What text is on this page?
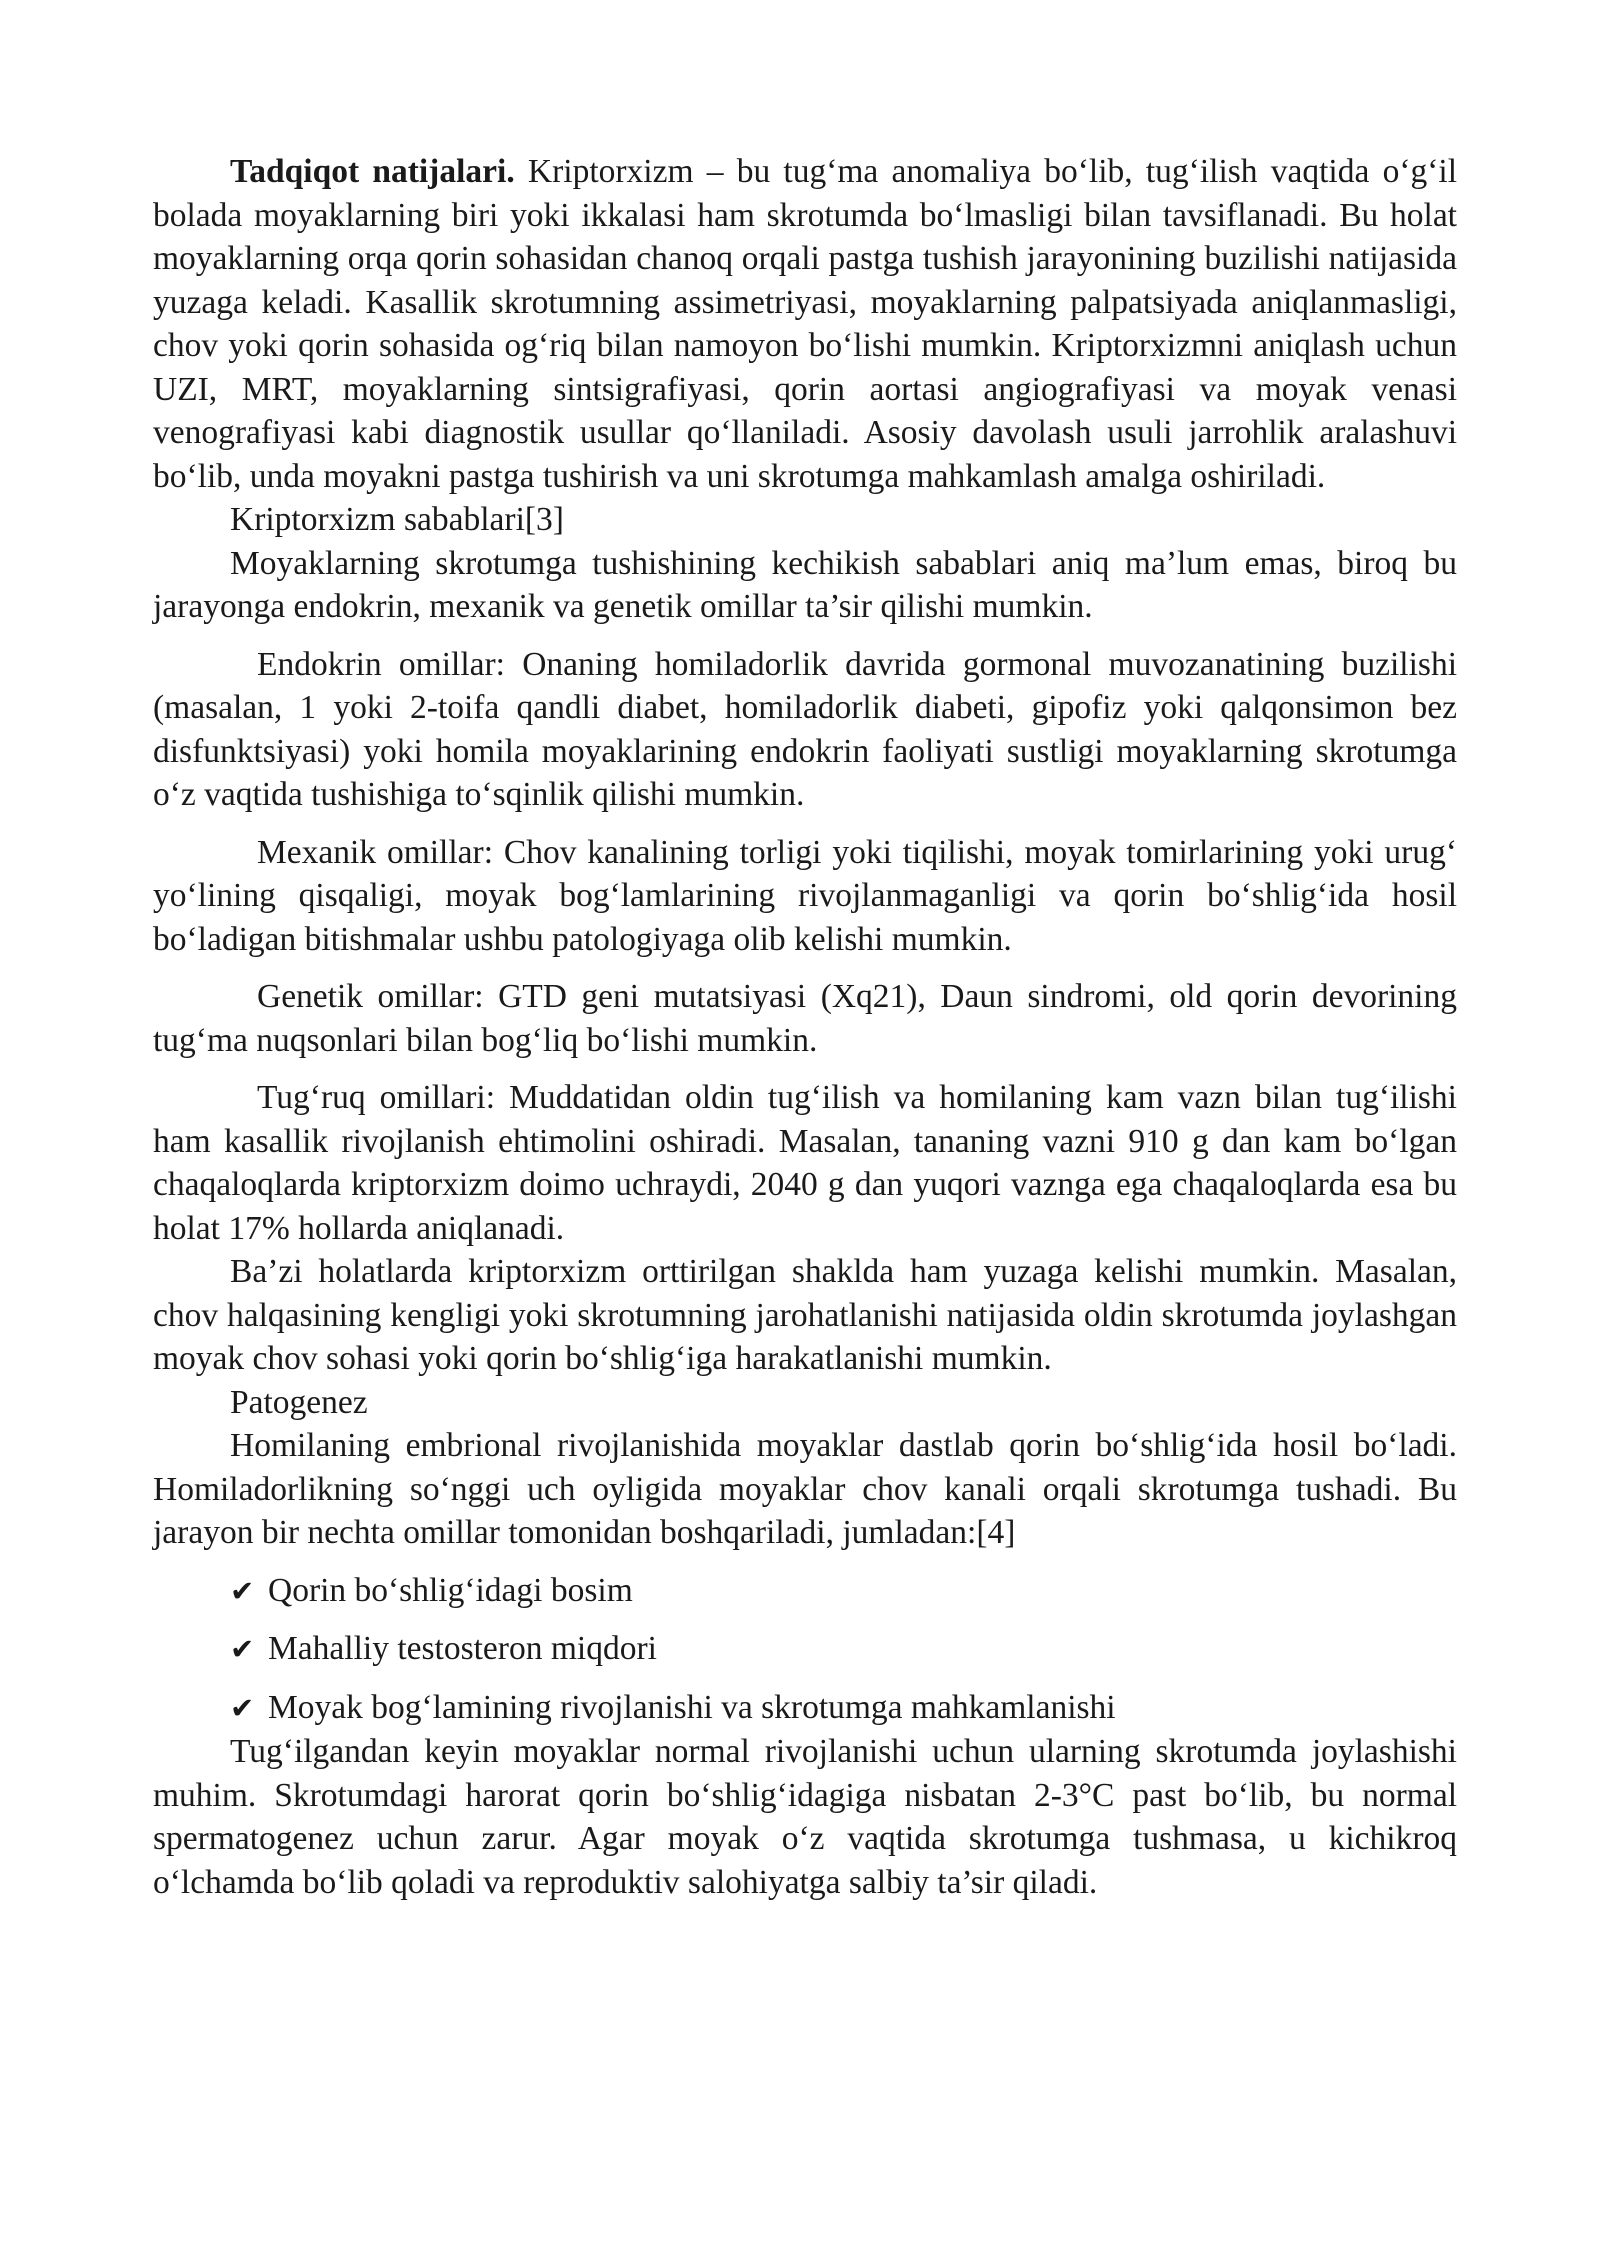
Tadqiqot natijalari. Kriptorxizm – bu tug‘ma anomaliya bo‘lib, tug‘ilish vaqtida o‘g‘il bolada moyaklarning biri yoki ikkalasi ham skrotumda bo‘lmasligi bilan tavsiflanadi. Bu holat moyaklarning orqa qorin sohasidan chanoq orqali pastga tushish jarayonining buzilishi natijasida yuzaga keladi. Kasallik skrotumning assimetriyasi, moyaklarning palpatsiyada aniqlanmasligi, chov yoki qorin sohasida og‘riq bilan namoyon bo‘lishi mumkin. Kriptorxizmni aniqlash uchun UZI, MRT, moyaklarning sintsigrafiyasi, qorin aortasi angiografiyasi va moyak venasi venografiyasi kabi diagnostik usullar qo‘llaniladi. Asosiy davolash usuli jarrohlik aralashuvi bo‘lib, unda moyakni pastga tushirish va uni skrotumga mahkamlash amalga oshiriladi.

Kriptorxizm sabablari[3]

Moyaklarning skrotumga tushishining kechikish sabablari aniq ma’lum emas, biroq bu jarayonga endokrin, mexanik va genetik omillar ta’sir qilishi mumkin.

Endokrin omillar: Onaning homiladorlik davrida gormonal muvozanatining buzilishi (masalan, 1 yoki 2-toifa qandli diabet, homiladorlik diabeti, gipofiz yoki qalqonsimon bez disfunktsiyasi) yoki homila moyaklarining endokrin faoliyati sustligi moyaklarning skrotumga o‘z vaqtida tushishiga to‘sqinlik qilishi mumkin.

Mexanik omillar: Chov kanalining torligi yoki tiqilishi, moyak tomirlarining yoki urug‘ yo‘lining qisqaligi, moyak bog‘lamlarining rivojlanmaganligi va qorin bo‘shlig‘ida hosil bo‘ladigan bitishmalar ushbu patologiyaga olib kelishi mumkin.

Genetik omillar: GTD geni mutatsiyasi (Xq21), Daun sindromi, old qorin devorining tug‘ma nuqsonlari bilan bog‘liq bo‘lishi mumkin.

Tug‘ruq omillari: Muddatidan oldin tug‘ilish va homilaning kam vazn bilan tug‘ilishi ham kasallik rivojlanish ehtimolini oshiradi. Masalan, tananing vazni 910 g dan kam bo‘lgan chaqaloqlarda kriptorxizm doimo uchraydi, 2040 g dan yuqori vaznga ega chaqaloqlarda esa bu holat 17% hollarda aniqlanadi.

Ba’zi holatlarda kriptorxizm orttirilgan shaklda ham yuzaga kelishi mumkin. Masalan, chov halqasining kengligi yoki skrotumning jarohatlanishi natijasida oldin skrotumda joylashgan moyak chov sohasi yoki qorin bo‘shlig‘iga harakatlanishi mumkin.

Patogenez

Homilaning embrional rivojlanishida moyaklar dastlab qorin bo‘shlig‘ida hosil bo‘ladi. Homiladorlikning so‘nggi uch oyligida moyaklar chov kanali orqali skrotumga tushadi. Bu jarayon bir nechta omillar tomonidan boshqariladi, jumladan:[4]

✔ Qorin bo‘shlig‘idagi bosim

✔ Mahalliy testosteron miqdori

✔ Moyak bog‘lamining rivojlanishi va skrotumga mahkamlanishi

Tug‘ilgandan keyin moyaklar normal rivojlanishi uchun ularning skrotumda joylashishi muhim. Skrotumdagi harorat qorin bo‘shlig‘idagiga nisbatan 2-3°C past bo‘lib, bu normal spermatogenez uchun zarur. Agar moyak o‘z vaqtida skrotumga tushmasa, u kichikroq o‘lchamda bo‘lib qoladi va reproduktiv salohiyatga salbiy ta’sir qiladi.
